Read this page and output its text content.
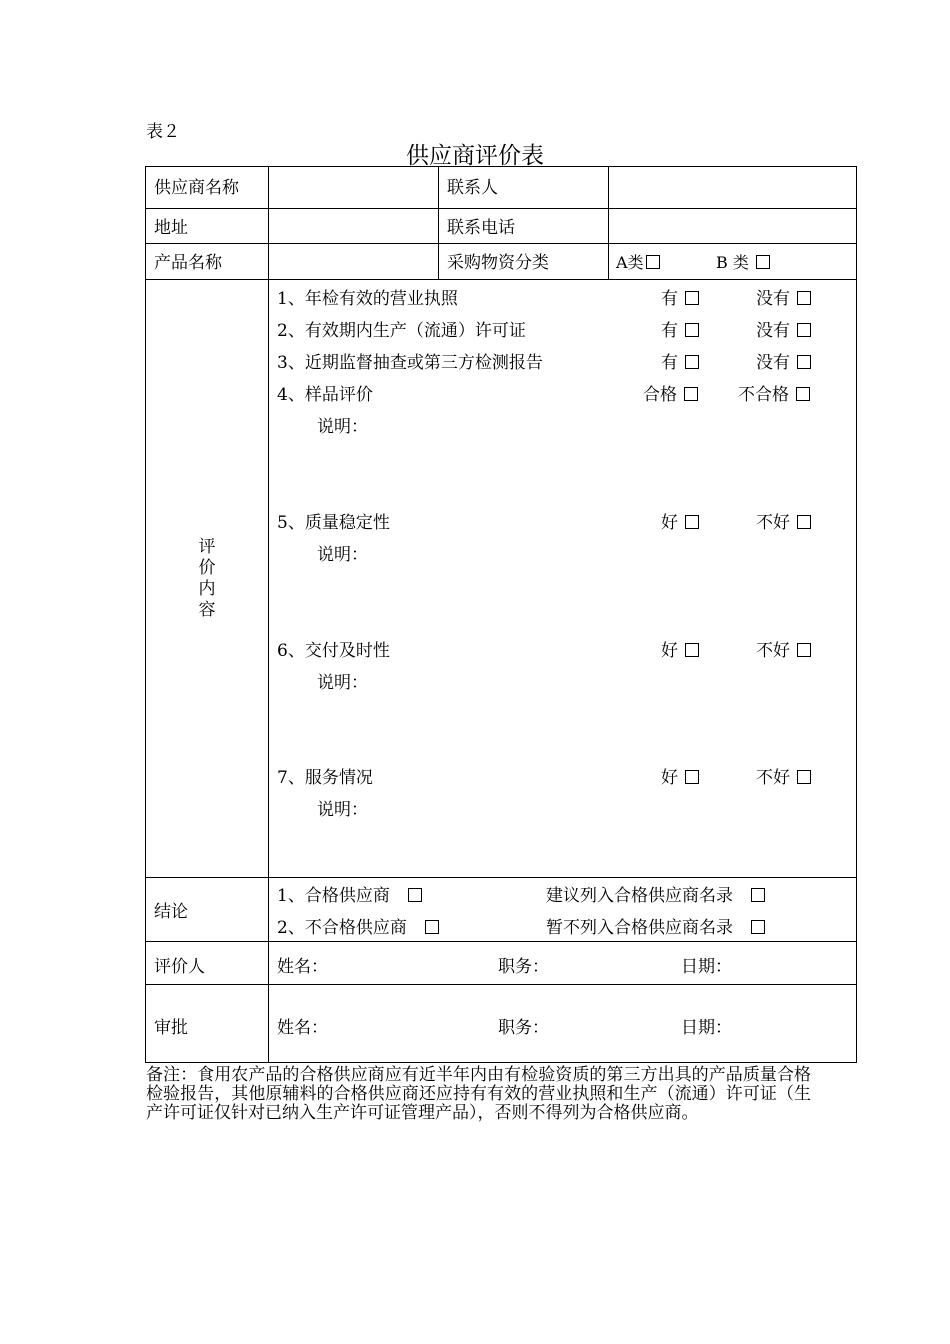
表２
供应商评价表
供应商名称	联系人
地址	联系电话
产品名称	采购物资分类	A类	B 类
评
价
内
容
1、年检有效的营业执照	有	没有
2、有效期内生产（流通）许可证	有	没有
3、近期监督抽查或第三方检测报告	有	没有
4、样品评价	合格	不合格
说明：
5、质量稳定性	好	不好
说明：
6、交付及时性	好	不好
说明：
7、服务情况	好	不好
说明：
结论
1、合格供应商	建议列入合格供应商名录
2、不合格供应商	暂不列入合格供应商名录
评价人	姓名：	职务：	日期：
审批	姓名：	职务：	日期：
备注：食用农产品的合格供应商应有近半年内由有检验资质的第三方出具的产品质量合格检验报告，其他原辅料的合格供应商还应持有有效的营业执照和生产（流通）许可证（生产许可证仅针对已纳入生产许可证管理产品），否则不得列为合格供应商。
